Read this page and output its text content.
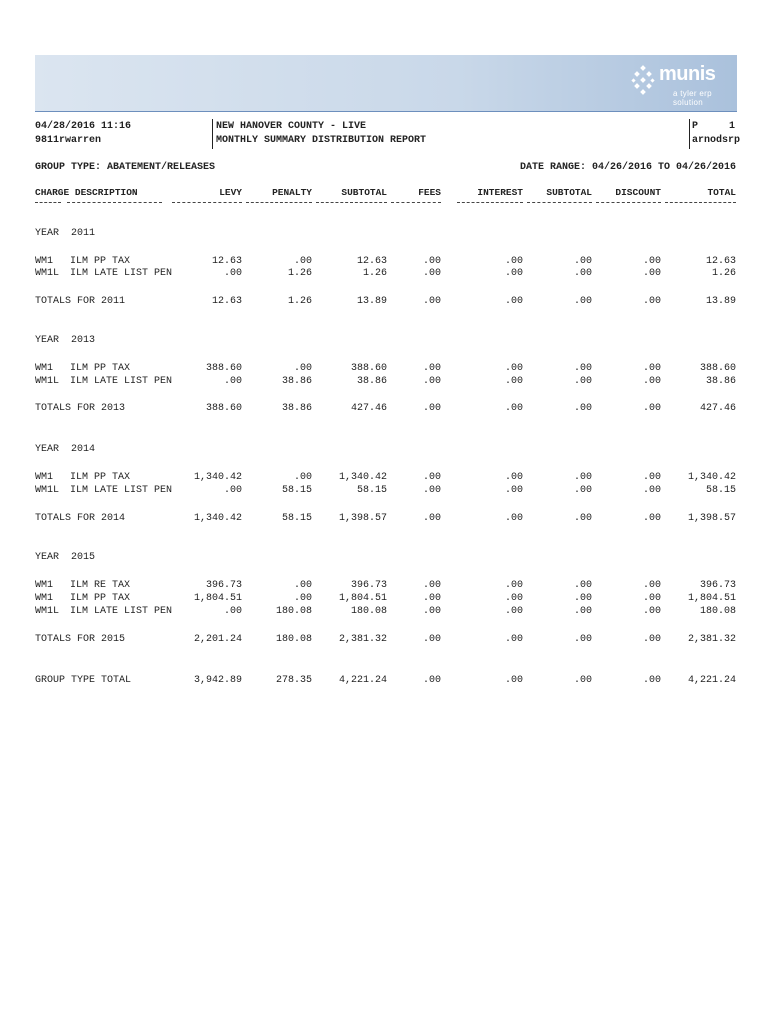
munis
a tyler erp solution
04/28/2016 11:16
9811rwarren
NEW HANOVER COUNTY - LIVE
MONTHLY SUMMARY DISTRIBUTION REPORT
P	1
arnodsrp
GROUP TYPE: ABATEMENT/RELEASES	DATE RANGE: 04/26/2016 TO 04/26/2016
CHARGE DESCRIPTION	LEVY	PENALTY	SUBTOTAL	FEES	INTEREST	SUBTOTAL	DISCOUNT	TOTAL
YEAR  2011
WM1 ILM PP TAX	12.63	.00	12.63	.00	.00	.00	.00	12.63
WM1L ILM LATE LIST PEN	.00	1.26	1.26	.00	.00	.00	.00	1.26
TOTALS FOR 2011	12.63	1.26	13.89	.00	.00	.00	.00	13.89
YEAR  2013
WM1 ILM PP TAX	388.60	.00	388.60	.00	.00	.00	.00	388.60
WM1L ILM LATE LIST PEN	.00	38.86	38.86	.00	.00	.00	.00	38.86
TOTALS FOR 2013	388.60	38.86	427.46	.00	.00	.00	.00	427.46
YEAR  2014
WM1 ILM PP TAX	1,340.42	.00	1,340.42	.00	.00	.00	.00	1,340.42
WM1L ILM LATE LIST PEN	.00	58.15	58.15	.00	.00	.00	.00	58.15
TOTALS FOR 2014	1,340.42	58.15	1,398.57	.00	.00	.00	.00	1,398.57
YEAR  2015
WM1 ILM RE TAX	396.73	.00	396.73	.00	.00	.00	.00	396.73
WM1 ILM PP TAX	1,804.51	.00	1,804.51	.00	.00	.00	.00	1,804.51
WM1L ILM LATE LIST PEN	.00	180.08	180.08	.00	.00	.00	.00	180.08
TOTALS FOR 2015	2,201.24	180.08	2,381.32	.00	.00	.00	.00	2,381.32
GROUP TYPE TOTAL	3,942.89	278.35	4,221.24	.00	.00	.00	.00	4,221.24
